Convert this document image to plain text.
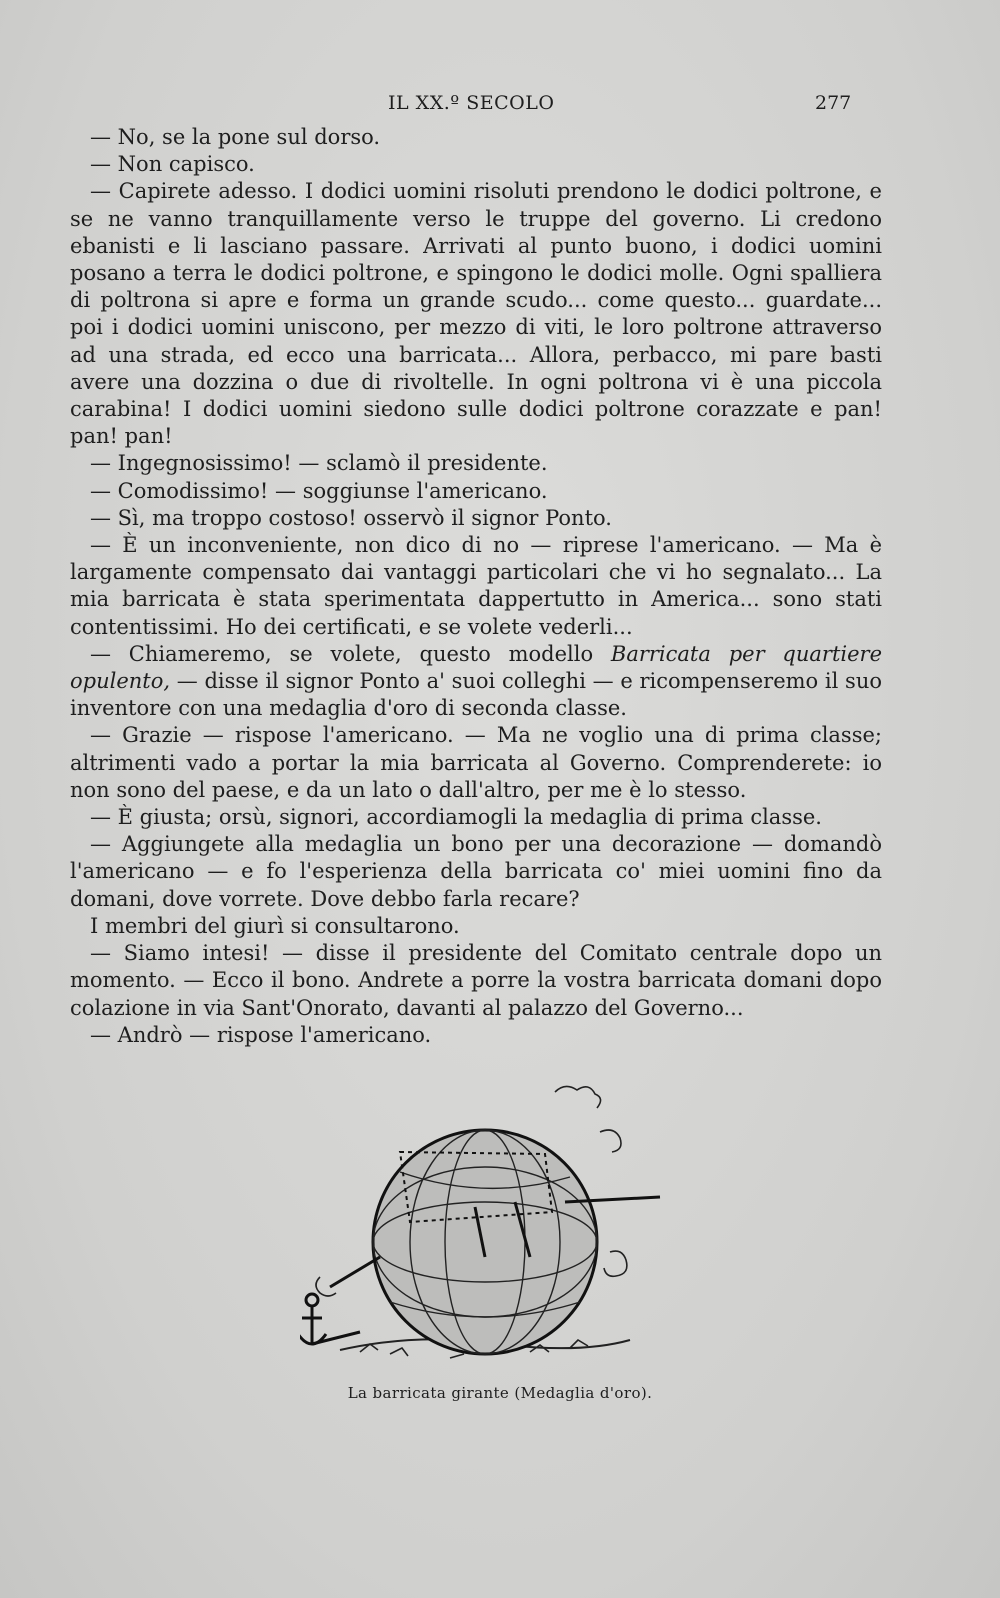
IL XX.º SECOLO	277

— No, se la pone sul dorso.

— Non capisco.

— Capirete adesso. I dodici uomini risoluti prendono le dodici poltrone, e se ne vanno tranquillamente verso le truppe del governo. Li credono ebanisti e li lasciano passare. Arrivati al punto buono, i dodici uomini posano a terra le dodici poltrone, e spingono le dodici molle. Ogni spalliera di poltrona si apre e forma un grande scudo... come questo... guardate... poi i dodici uomini uniscono, per mezzo di viti, le loro poltrone attraverso ad una strada, ed ecco una barricata... Allora, perbacco, mi pare basti avere una dozzina o due di rivoltelle. In ogni poltrona vi è una piccola carabina! I dodici uomini siedono sulle dodici poltrone corazzate e pan! pan! pan!

— Ingegnosissimo! — sclamò il presidente.

— Comodissimo! — soggiunse l'americano.

— Sì, ma troppo costoso! osservò il signor Ponto.

— È un inconveniente, non dico di no — riprese l'americano. — Ma è largamente compensato dai vantaggi particolari che vi ho segnalato... La mia barricata è stata sperimentata dappertutto in America... sono stati contentissimi. Ho dei certificati, e se volete vederli...

— Chiameremo, se volete, questo modello Barricata per quartiere opulento, — disse il signor Ponto a' suoi colleghi — e ricompenseremo il suo inventore con una medaglia d'oro di seconda classe.

— Grazie — rispose l'americano. — Ma ne voglio una di prima classe; altrimenti vado a portar la mia barricata al Governo. Comprenderete: io non sono del paese, e da un lato o dall'altro, per me è lo stesso.

— È giusta; orsù, signori, accordiamogli la medaglia di prima classe.

— Aggiungete alla medaglia un bono per una decorazione — domandò l'americano — e fo l'esperienza della barricata co' miei uomini fino da domani, dove vorrete. Dove debbo farla recare?

I membri del giurì si consultarono.

— Siamo intesi! — disse il presidente del Comitato centrale dopo un momento. — Ecco il bono. Andrete a porre la vostra barricata domani dopo colazione in via Sant'Onorato, davanti al palazzo del Governo...

— Andrò — rispose l'americano.

La barricata girante (Medaglia d'oro).
